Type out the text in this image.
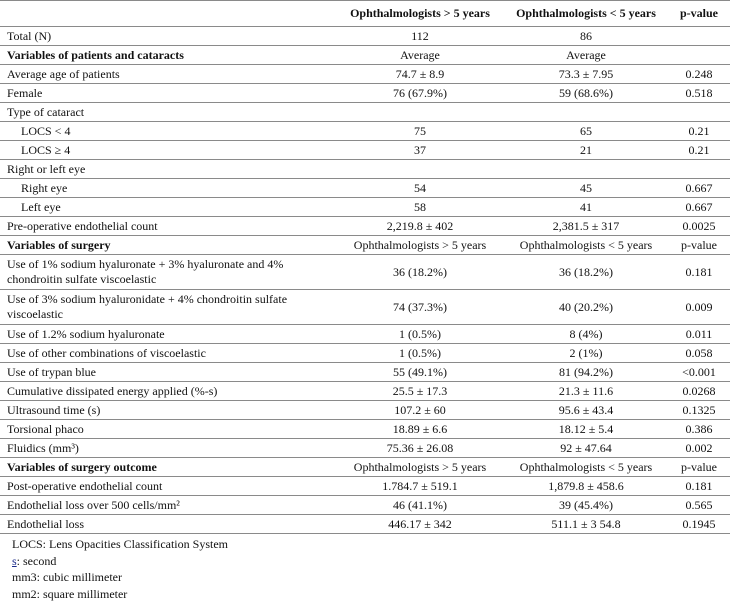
	Ophthalmologists > 5 years	Ophthalmologists < 5 years	p-value
Total (N)	112	86	
Variables of patients and cataracts	Average	Average	
Average age of patients	74.7 ± 8.9	73.3 ± 7.95	0.248
Female	76 (67.9%)	59 (68.6%)	0.518
Type of cataract			
LOCS < 4	75	65	0.21
LOCS ≥ 4	37	21	0.21
Right or left eye			
Right eye	54	45	0.667
Left eye	58	41	0.667
Pre-operative endothelial count	2,219.8 ± 402	2,381.5 ± 317	0.0025
Variables of surgery	Ophthalmologists > 5 years	Ophthalmologists < 5 years	p-value
Use of 1% sodium hyaluronate + 3% hyaluronate and 4% chondroitin sulfate viscoelastic	36 (18.2%)	36 (18.2%)	0.181
Use of 3% sodium hyaluronidate + 4% chondroitin sulfate viscoelastic	74 (37.3%)	40 (20.2%)	0.009
Use of 1.2% sodium hyaluronate	1 (0.5%)	8 (4%)	0.011
Use of other combinations of viscoelastic	1 (0.5%)	2 (1%)	0.058
Use of trypan blue	55 (49.1%)	81 (94.2%)	<0.001
Cumulative dissipated energy applied (%-s)	25.5 ± 17.3	21.3 ± 11.6	0.0268
Ultrasound time (s)	107.2 ± 60	95.6 ± 43.4	0.1325
Torsional phaco	18.89 ± 6.6	18.12 ± 5.4	0.386
Fluidics (mm³)	75.36 ± 26.08	92 ± 47.64	0.002
Variables of surgery outcome	Ophthalmologists > 5 years	Ophthalmologists < 5 years	p-value
Post-operative endothelial count	1.784.7 ± 519.1	1,879.8 ± 458.6	0.181
Endothelial loss over 500 cells/mm²	46 (41.1%)	39 (45.4%)	0.565
Endothelial loss	446.17 ± 342	511.1 ± 3 54.8	0.1945
LOCS: Lens Opacities Classification System
s: second
mm3: cubic millimeter
mm2: square millimeter
